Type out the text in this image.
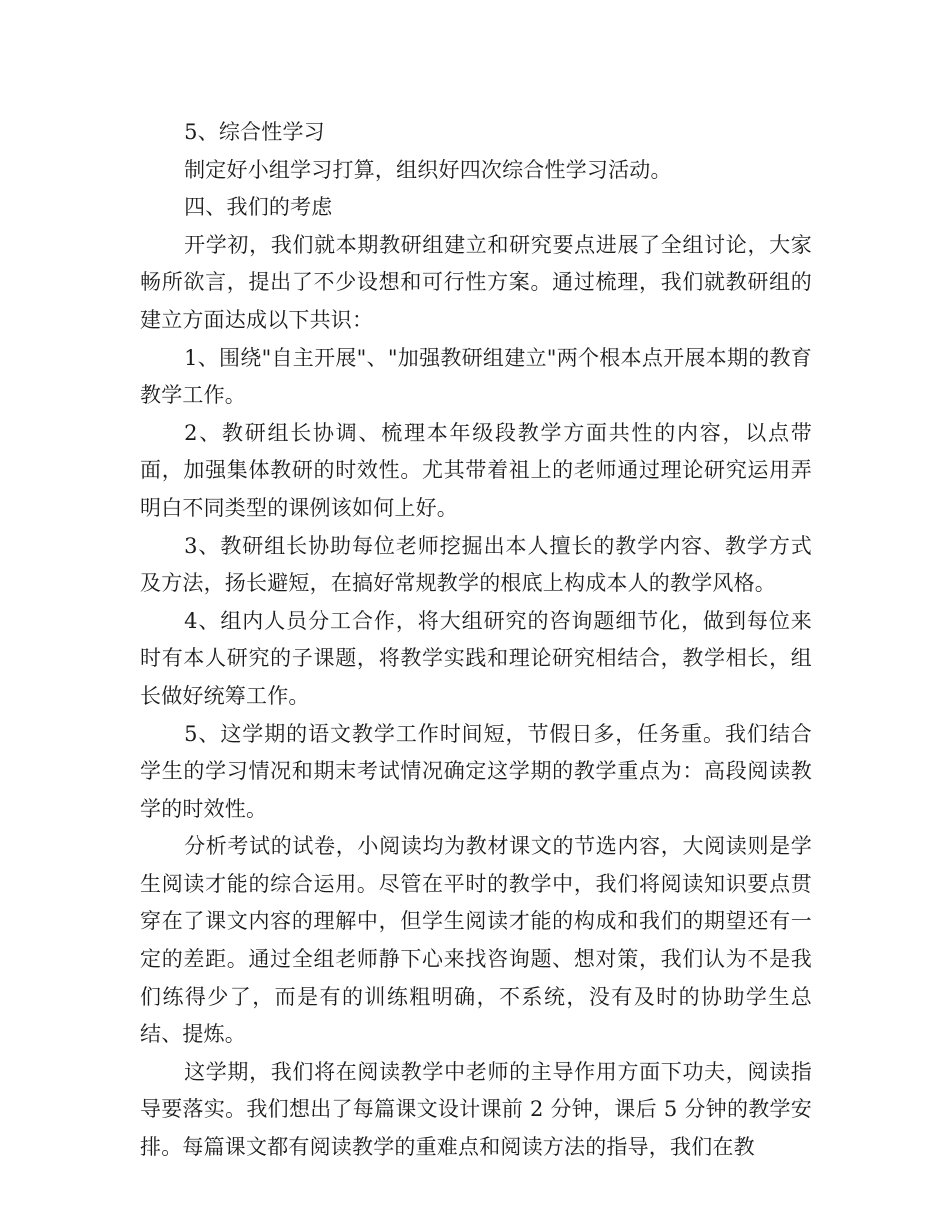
5、综合性学习

制定好小组学习打算，组织好四次综合性学习活动。

四、我们的考虑

开学初，我们就本期教研组建立和研究要点进展了全组讨论，大家畅所欲言，提出了不少设想和可行性方案。通过梳理，我们就教研组的建立方面达成以下共识：

1、围绕"自主开展"、"加强教研组建立"两个根本点开展本期的教育教学工作。

2、教研组长协调、梳理本年级段教学方面共性的内容，以点带面，加强集体教研的时效性。尤其带着祖上的老师通过理论研究运用弄明白不同类型的课例该如何上好。

3、教研组长协助每位老师挖掘出本人擅长的教学内容、教学方式及方法，扬长避短，在搞好常规教学的根底上构成本人的教学风格。

4、组内人员分工合作，将大组研究的咨询题细节化，做到每位来时有本人研究的子课题，将教学实践和理论研究相结合，教学相长，组长做好统筹工作。

5、这学期的语文教学工作时间短，节假日多，任务重。我们结合学生的学习情况和期末考试情况确定这学期的教学重点为：高段阅读教学的时效性。

分析考试的试卷，小阅读均为教材课文的节选内容，大阅读则是学生阅读才能的综合运用。尽管在平时的教学中，我们将阅读知识要点贯穿在了课文内容的理解中，但学生阅读才能的构成和我们的期望还有一定的差距。通过全组老师静下心来找咨询题、想对策，我们认为不是我们练得少了，而是有的训练粗明确，不系统，没有及时的协助学生总结、提炼。

这学期，我们将在阅读教学中老师的主导作用方面下功夫，阅读指导要落实。我们想出了每篇课文设计课前 2 分钟，课后 5 分钟的教学安排。每篇课文都有阅读教学的重难点和阅读方法的指导，我们在教
